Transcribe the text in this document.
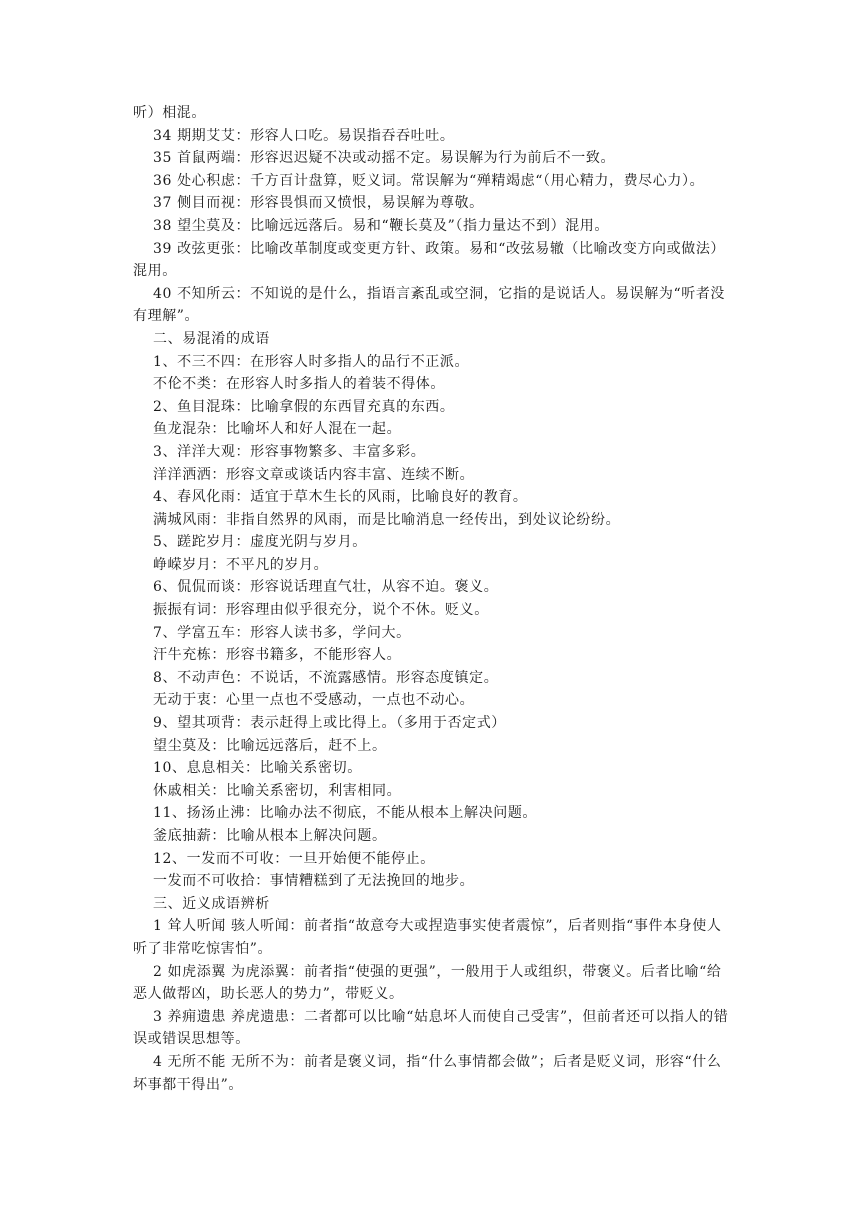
听）相混。

34 期期艾艾：形容人口吃。易误指吞吞吐吐。

35 首鼠两端：形容迟迟疑不决或动摇不定。易误解为行为前后不一致。

36 处心积虑：千方百计盘算，贬义词。常误解为“殚精竭虑“（用心精力，费尽心力）。

37 侧目而视：形容畏惧而又愤恨，易误解为尊敬。

38 望尘莫及：比喻远远落后。易和“鞭长莫及”（指力量达不到）混用。

39 改弦更张：比喻改革制度或变更方针、政策。易和“改弦易辙（比喻改变方向或做法）混用。

40 不知所云：不知说的是什么，指语言紊乱或空洞，它指的是说话人。易误解为“听者没有理解”。

二、易混淆的成语

1、不三不四：在形容人时多指人的品行不正派。

不伦不类：在形容人时多指人的着装不得体。

2、鱼目混珠：比喻拿假的东西冒充真的东西。

鱼龙混杂：比喻坏人和好人混在一起。

3、洋洋大观：形容事物繁多、丰富多彩。

洋洋洒洒：形容文章或谈话内容丰富、连续不断。

4、春风化雨：适宜于草木生长的风雨，比喻良好的教育。

满城风雨：非指自然界的风雨，而是比喻消息一经传出，到处议论纷纷。

5、蹉跎岁月：虚度光阴与岁月。

峥嵘岁月：不平凡的岁月。

6、侃侃而谈：形容说话理直气壮，从容不迫。褒义。

振振有词：形容理由似乎很充分，说个不休。贬义。

7、学富五车：形容人读书多，学问大。

汗牛充栋：形容书籍多，不能形容人。

8、不动声色：不说话，不流露感情。形容态度镇定。

无动于衷：心里一点也不受感动，一点也不动心。

9、望其项背：表示赶得上或比得上。（多用于否定式）

望尘莫及：比喻远远落后，赶不上。

10、息息相关：比喻关系密切。

休戚相关：比喻关系密切，利害相同。

11、扬汤止沸：比喻办法不彻底，不能从根本上解决问题。

釜底抽薪：比喻从根本上解决问题。

12、一发而不可收：一旦开始便不能停止。

一发而不可收拾：事情糟糕到了无法挽回的地步。

三、近义成语辨析

1 耸人听闻 骇人听闻：前者指“故意夸大或捏造事实使者震惊”，后者则指“事件本身使人听了非常吃惊害怕”。

2 如虎添翼 为虎添翼：前者指“使强的更强”，一般用于人或组织，带褒义。后者比喻“给恶人做帮凶，助长恶人的势力”，带贬义。

3 养痈遗患 养虎遗患：二者都可以比喻“姑息坏人而使自己受害”，但前者还可以指人的错误或错误思想等。

4 无所不能 无所不为：前者是褒义词，指“什么事情都会做”；后者是贬义词，形容“什么坏事都干得出”。
